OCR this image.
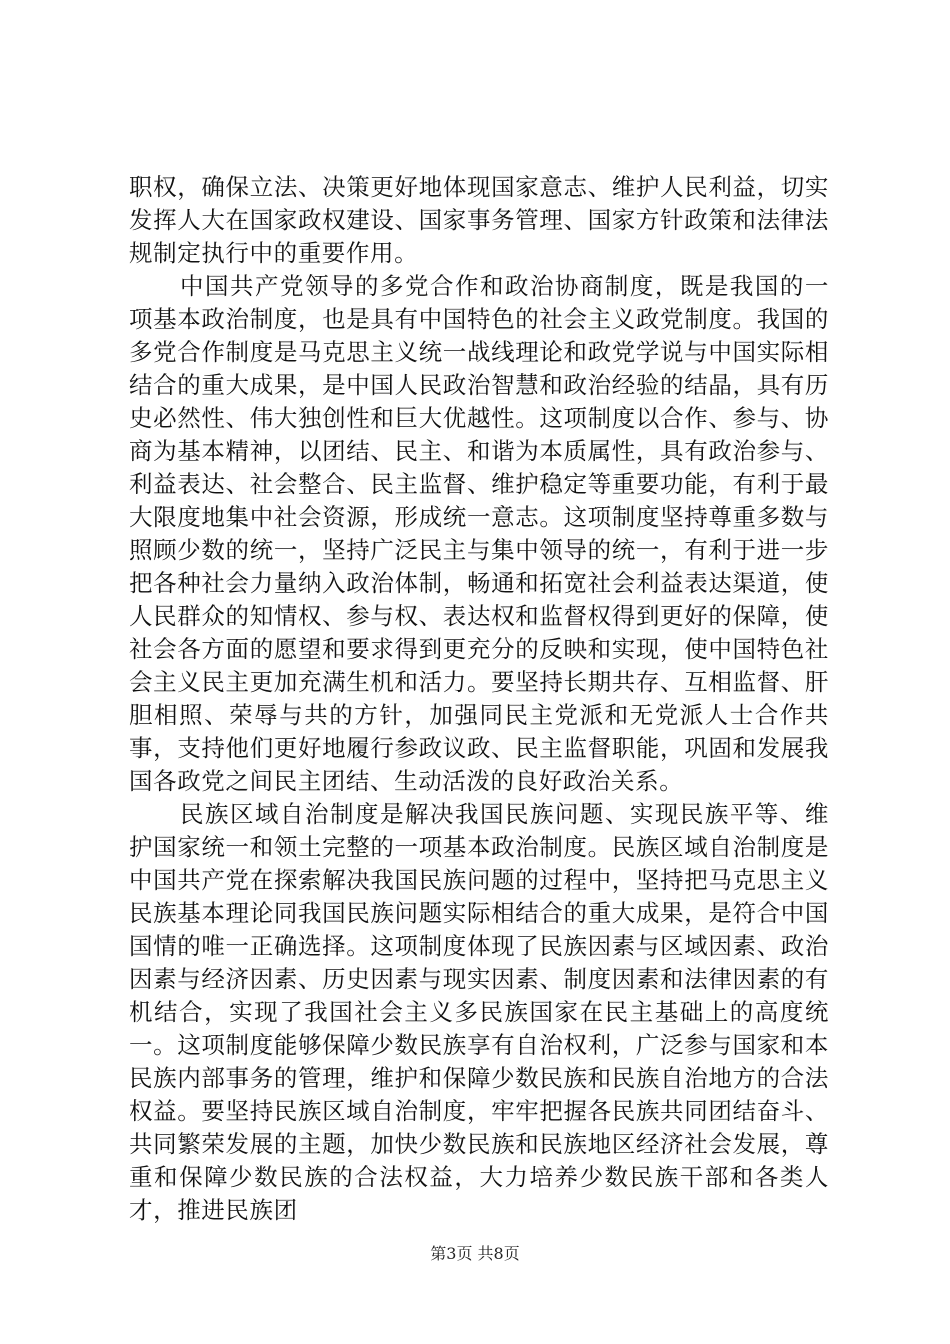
职权，确保立法、决策更好地体现国家意志、维护人民利益，切实发挥人大在国家政权建设、国家事务管理、国家方针政策和法律法规制定执行中的重要作用。

中国共产党领导的多党合作和政治协商制度，既是我国的一项基本政治制度，也是具有中国特色的社会主义政党制度。我国的多党合作制度是马克思主义统一战线理论和政党学说与中国实际相结合的重大成果，是中国人民政治智慧和政治经验的结晶，具有历史必然性、伟大独创性和巨大优越性。这项制度以合作、参与、协商为基本精神，以团结、民主、和谐为本质属性，具有政治参与、利益表达、社会整合、民主监督、维护稳定等重要功能，有利于最大限度地集中社会资源，形成统一意志。这项制度坚持尊重多数与照顾少数的统一，坚持广泛民主与集中领导的统一，有利于进一步把各种社会力量纳入政治体制，畅通和拓宽社会利益表达渠道，使人民群众的知情权、参与权、表达权和监督权得到更好的保障，使社会各方面的愿望和要求得到更充分的反映和实现，使中国特色社会主义民主更加充满生机和活力。要坚持长期共存、互相监督、肝胆相照、荣辱与共的方针，加强同民主党派和无党派人士合作共事，支持他们更好地履行参政议政、民主监督职能，巩固和发展我国各政党之间民主团结、生动活泼的良好政治关系。

民族区域自治制度是解决我国民族问题、实现民族平等、维护国家统一和领土完整的一项基本政治制度。民族区域自治制度是中国共产党在探索解决我国民族问题的过程中，坚持把马克思主义民族基本理论同我国民族问题实际相结合的重大成果，是符合中国国情的唯一正确选择。这项制度体现了民族因素与区域因素、政治因素与经济因素、历史因素与现实因素、制度因素和法律因素的有机结合，实现了我国社会主义多民族国家在民主基础上的高度统一。这项制度能够保障少数民族享有自治权利，广泛参与国家和本民族内部事务的管理，维护和保障少数民族和民族自治地方的合法权益。要坚持民族区域自治制度，牢牢把握各民族共同团结奋斗、共同繁荣发展的主题，加快少数民族和民族地区经济社会发展，尊重和保障少数民族的合法权益，大力培养少数民族干部和各类人才，推进民族团

第3页 共8页
